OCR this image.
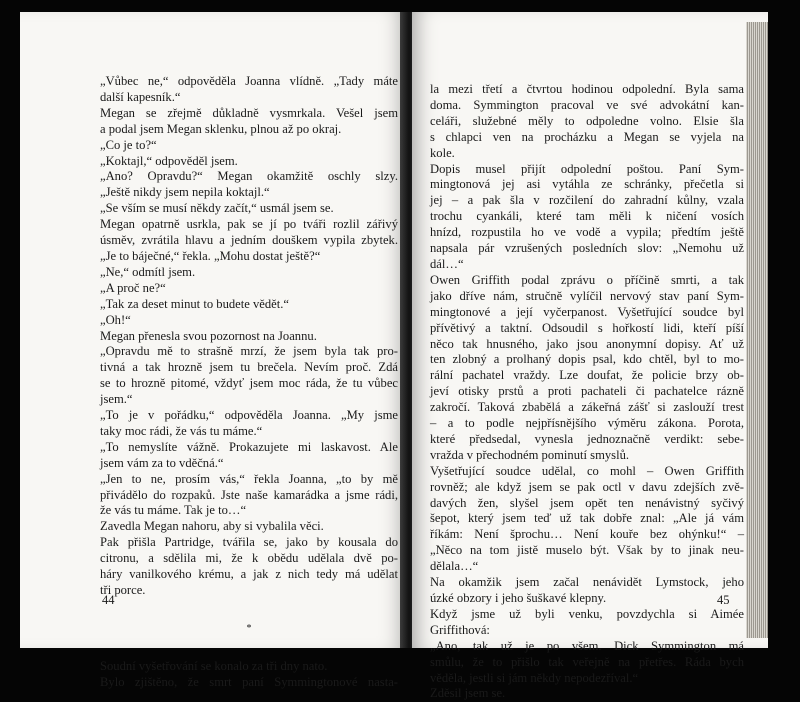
„Vůbec ne,“ odpověděla Joanna vlídně. „Tady máte
další kapesník.“
Megan se zřejmě důkladně vysmrkala. Vešel jsem
a podal jsem Megan sklenku, plnou až po okraj.
„Co je to?“
„Koktajl,“ odpověděl jsem.
„Ano? Opravdu?“ Megan okamžitě oschly slzy.
„Ještě nikdy jsem nepila koktajl.“
„Se vším se musí někdy začít,“ usmál jsem se.
Megan opatrně usrkla, pak se jí po tváři rozlil zářivý
úsměv, zvrátila hlavu a jedním douškem vypila zbytek.
„Je to báječné,“ řekla. „Mohu dostat ještě?“
„Ne,“ odmítl jsem.
„A proč ne?“
„Tak za deset minut to budete vědět.“
„Oh!“
Megan přenesla svou pozornost na Joannu.
„Opravdu mě to strašně mrzí, že jsem byla tak pro-
tivná a tak hrozně jsem tu brečela. Nevím proč. Zdá
se to hrozně pitomé, vždyť jsem moc ráda, že tu vůbec
jsem.“
„To je v pořádku,“ odpověděla Joanna. „My jsme
taky moc rádi, že vás tu máme.“
„To nemyslíte vážně. Prokazujete mi laskavost. Ale
jsem vám za to vděčná.“
„Jen to ne, prosím vás,“ řekla Joanna, „to by mě
přivádělo do rozpaků. Jste naše kamarádka a jsme rádi,
že vás tu máme. Tak je to…“
Zavedla Megan nahoru, aby si vybalila věci.
Pak přišla Partridge, tvářila se, jako by kousala do
citronu, a sdělila mi, že k obědu udělala dvě po-
háry vanilkového krému, a jak z nich tedy má udělat
tři porce.
*
Soudní vyšetřování se konalo za tři dny nato.
Bylo zjištěno, že smrt paní Symmingtonové nasta-
44
la mezi třetí a čtvrtou hodinou odpolední. Byla sama
doma. Symmington pracoval ve své advokátní kan-
celáři, služebné měly to odpoledne volno. Elsie šla
s chlapci ven na procházku a Megan se vyjela na
kole.
Dopis musel přijít odpolední poštou. Paní Sym-
mingtonová jej asi vytáhla ze schránky, přečetla si
jej – a pak šla v rozčilení do zahradní kůlny, vzala
trochu cyankáli, které tam měli k ničení vosích
hnízd, rozpustila ho ve vodě a vypila; předtím ještě
napsala pár vzrušených posledních slov: „Nemohu už
dál…“
Owen Griffith podal zprávu o příčině smrti, a tak
jako dříve nám, stručně vylíčil nervový stav paní Sym-
mingtonové a její vyčerpanost. Vyšetřující soudce byl
přívětivý a taktní. Odsoudil s hořkostí lidi, kteří píší
něco tak hnusného, jako jsou anonymní dopisy. Ať už
ten zlobný a prolhaný dopis psal, kdo chtěl, byl to mo-
rální pachatel vraždy. Lze doufat, že policie brzy ob-
jeví otisky prstů a proti pachateli či pachatelce rázně
zakročí. Taková zbabělá a zákeřná zášť si zaslouží trest
– a to podle nejpřísnějšího výměru zákona. Porota,
které předsedal, vynesla jednoznačně verdikt: sebe-
vražda v přechodném pominutí smyslů.
Vyšetřující soudce udělal, co mohl – Owen Griffith
rovněž; ale když jsem se pak octl v davu zdejších zvě-
davých žen, slyšel jsem opět ten nenávistný syčivý
šepot, který jsem teď už tak dobře znal: „Ale já vám
říkám: Není šprochu… Není kouře bez ohýnku!“ –
„Něco na tom jistě muselo být. Však by to jinak neu-
dělala…“
Na okamžik jsem začal nenávidět Lymstock, jeho
úzké obzory i jeho šuškavé klepny.
Když jsme už byli venku, povzdychla si Aimée
Griffithová:
„Ano, tak už je po všem. Dick Symmington má
smůlu, že to přišlo tak veřejně na přetřes. Ráda bych
věděla, jestli si jám někdy nepodezříval.“
Zděsil jsem se.
45
